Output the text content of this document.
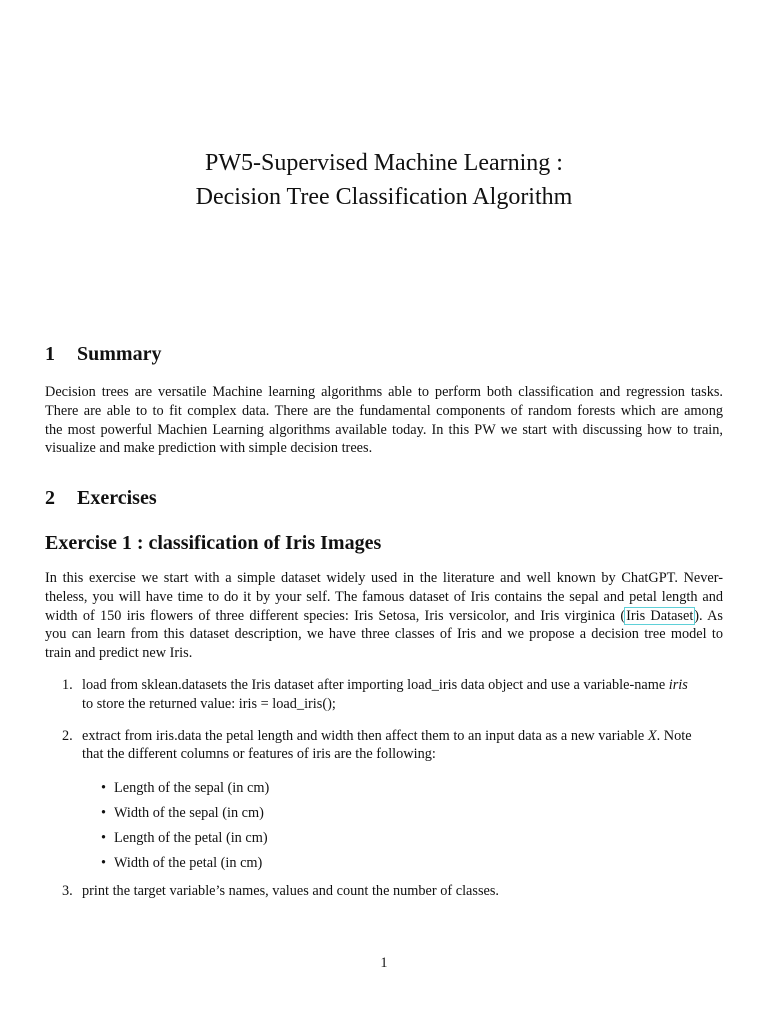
PW5-Supervised Machine Learning :
Decision Tree Classification Algorithm
1 Summary
Decision trees are versatile Machine learning algorithms able to perform both classification and regression tasks.
There are able to to fit complex data. There are the fundamental components of random forests which are among
the most powerful Machien Learning algorithms available today. In this PW we start with discussing how to train,
visualize and make prediction with simple decision trees.
2 Exercises
Exercise 1 : classification of Iris Images
In this exercise we start with a simple dataset widely used in the literature and well known by ChatGPT. Never-
theless, you will have time to do it by your self. The famous dataset of Iris contains the sepal and petal length and
width of 150 iris flowers of three different species: Iris Setosa, Iris versicolor, and Iris virginica (Iris Dataset). As
you can learn from this dataset description, we have three classes of Iris and we propose a decision tree model to
train and predict new Iris.
1. load from sklean.datasets the Iris dataset after importing load_iris data object and use a variable-name iris
to store the returned value: iris = load_iris();
2. extract from iris.data the petal length and width then affect them to an input data as a new variable X. Note
that the different columns or features of iris are the following:
• Length of the sepal (in cm)
• Width of the sepal (in cm)
• Length of the petal (in cm)
• Width of the petal (in cm)
3. print the target variable’s names, values and count the number of classes.
1
